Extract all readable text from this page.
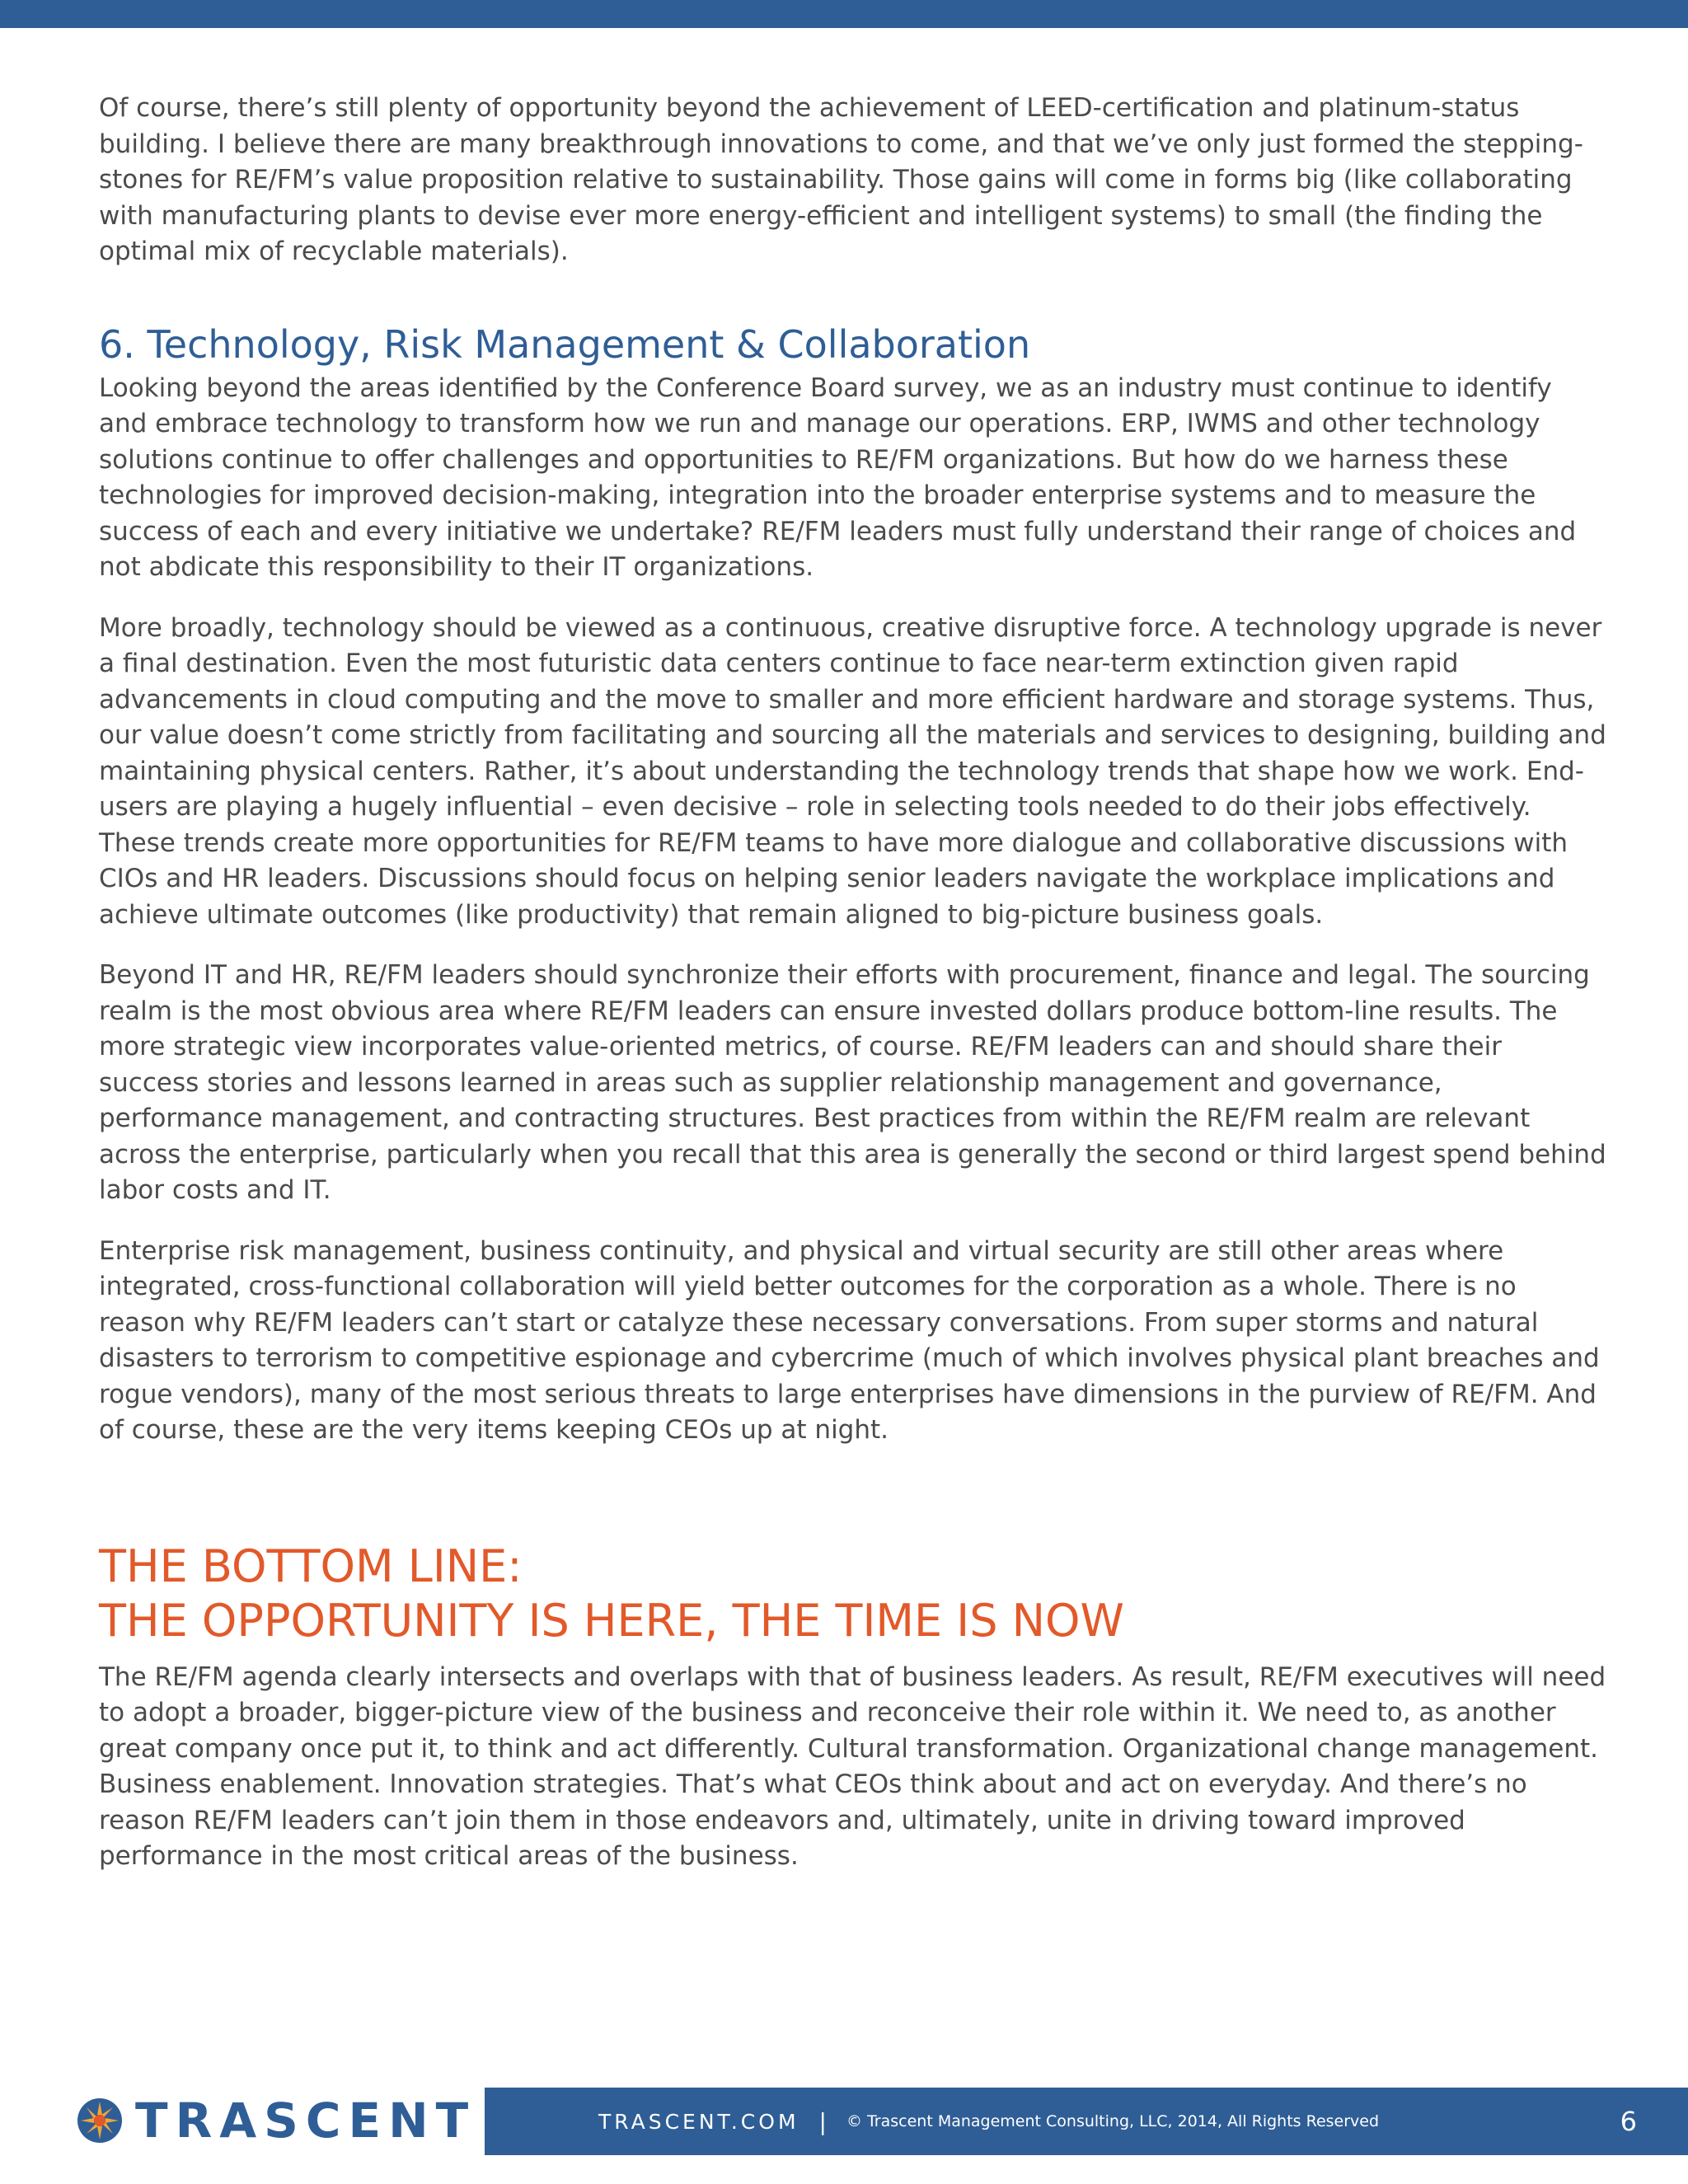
Of course, there’s still plenty of opportunity beyond the achievement of LEED-certification and platinum-status building. I believe there are many breakthrough innovations to come, and that we’ve only just formed the stepping-stones for RE/FM’s value proposition relative to sustainability. Those gains will come in forms big (like collaborating with manufacturing plants to devise ever more energy-efficient and intelligent systems) to small (the finding the optimal mix of recyclable materials).

6. Technology, Risk Management & Collaboration

Looking beyond the areas identified by the Conference Board survey, we as an industry must continue to identify and embrace technology to transform how we run and manage our operations. ERP, IWMS and other technology solutions continue to offer challenges and opportunities to RE/FM organizations. But how do we harness these technologies for improved decision-making, integration into the broader enterprise systems and to measure the success of each and every initiative we undertake? RE/FM leaders must fully understand their range of choices and not abdicate this responsibility to their IT organizations.

More broadly, technology should be viewed as a continuous, creative disruptive force. A technology upgrade is never a final destination. Even the most futuristic data centers continue to face near-term extinction given rapid advancements in cloud computing and the move to smaller and more efficient hardware and storage systems. Thus, our value doesn’t come strictly from facilitating and sourcing all the materials and services to designing, building and maintaining physical centers. Rather, it’s about understanding the technology trends that shape how we work. End-users are playing a hugely influential – even decisive – role in selecting tools needed to do their jobs effectively. These trends create more opportunities for RE/FM teams to have more dialogue and collaborative discussions with CIOs and HR leaders. Discussions should focus on helping senior leaders navigate the workplace implications and achieve ultimate outcomes (like productivity) that remain aligned to big-picture business goals.

Beyond IT and HR, RE/FM leaders should synchronize their efforts with procurement, finance and legal. The sourcing realm is the most obvious area where RE/FM leaders can ensure invested dollars produce bottom-line results. The more strategic view incorporates value-oriented metrics, of course. RE/FM leaders can and should share their success stories and lessons learned in areas such as supplier relationship management and governance, performance management, and contracting structures. Best practices from within the RE/FM realm are relevant across the enterprise, particularly when you recall that this area is generally the second or third largest spend behind labor costs and IT.

Enterprise risk management, business continuity, and physical and virtual security are still other areas where integrated, cross-functional collaboration will yield better outcomes for the corporation as a whole. There is no reason why RE/FM leaders can’t start or catalyze these necessary conversations. From super storms and natural disasters to terrorism to competitive espionage and cybercrime (much of which involves physical plant breaches and rogue vendors), many of the most serious threats to large enterprises have dimensions in the purview of RE/FM. And of course, these are the very items keeping CEOs up at night.

THE BOTTOM LINE:
THE OPPORTUNITY IS HERE, THE TIME IS NOW

The RE/FM agenda clearly intersects and overlaps with that of business leaders. As result, RE/FM executives will need to adopt a broader, bigger-picture view of the business and reconceive their role within it. We need to, as another great company once put it, to think and act differently. Cultural transformation. Organizational change management. Business enablement. Innovation strategies. That’s what CEOs think about and act on everyday. And there’s no reason RE/FM leaders can’t join them in those endeavors and, ultimately, unite in driving toward improved performance in the most critical areas of the business.

TRASCENT	TRASCENT.COM | © Trascent Management Consulting, LLC, 2014, All Rights Reserved	6
